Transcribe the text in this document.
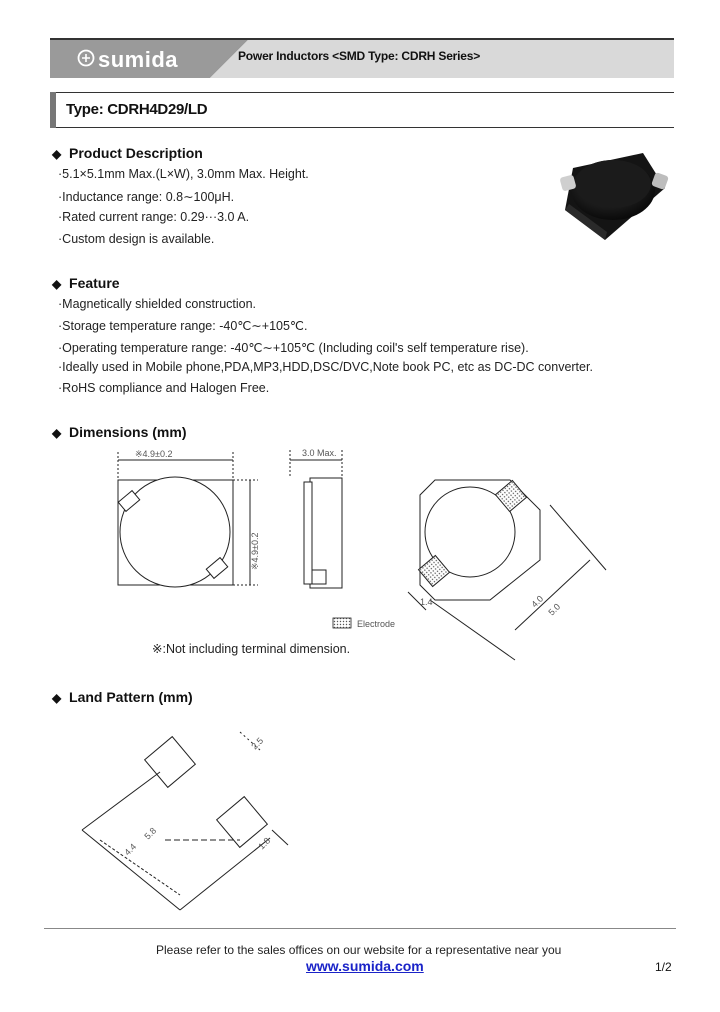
sumida	Power Inductors <SMD Type: CDRH Series>
Type: CDRH4D29/LD
◆ Product Description
·5.1×5.1mm Max.(L×W), 3.0mm Max. Height.
·Inductance range: 0.8∼100μH.
·Rated current range: 0.29···3.0 A.
·Custom design is available.
◆ Feature
·Magnetically shielded construction.
·Storage temperature range: -40℃∼+105℃.
·Operating temperature range: -40℃∼+105℃ (Including coil's self temperature rise).
·Ideally used in Mobile phone,PDA,MP3,HDD,DSC/DVC,Note book PC, etc as DC-DC converter.
·RoHS compliance and Halogen Free.
◆ Dimensions (mm)
※4.9±0.2
※4.9±0.2
3.0 Max.
1.4	4.0
5.0
Electrode
※:Not including terminal dimension.
◆ Land Pattern (mm)
2.5
4.4
5.8
1.8
Please refer to the sales offices on our website for a representative near you
www.sumida.com	1/2
